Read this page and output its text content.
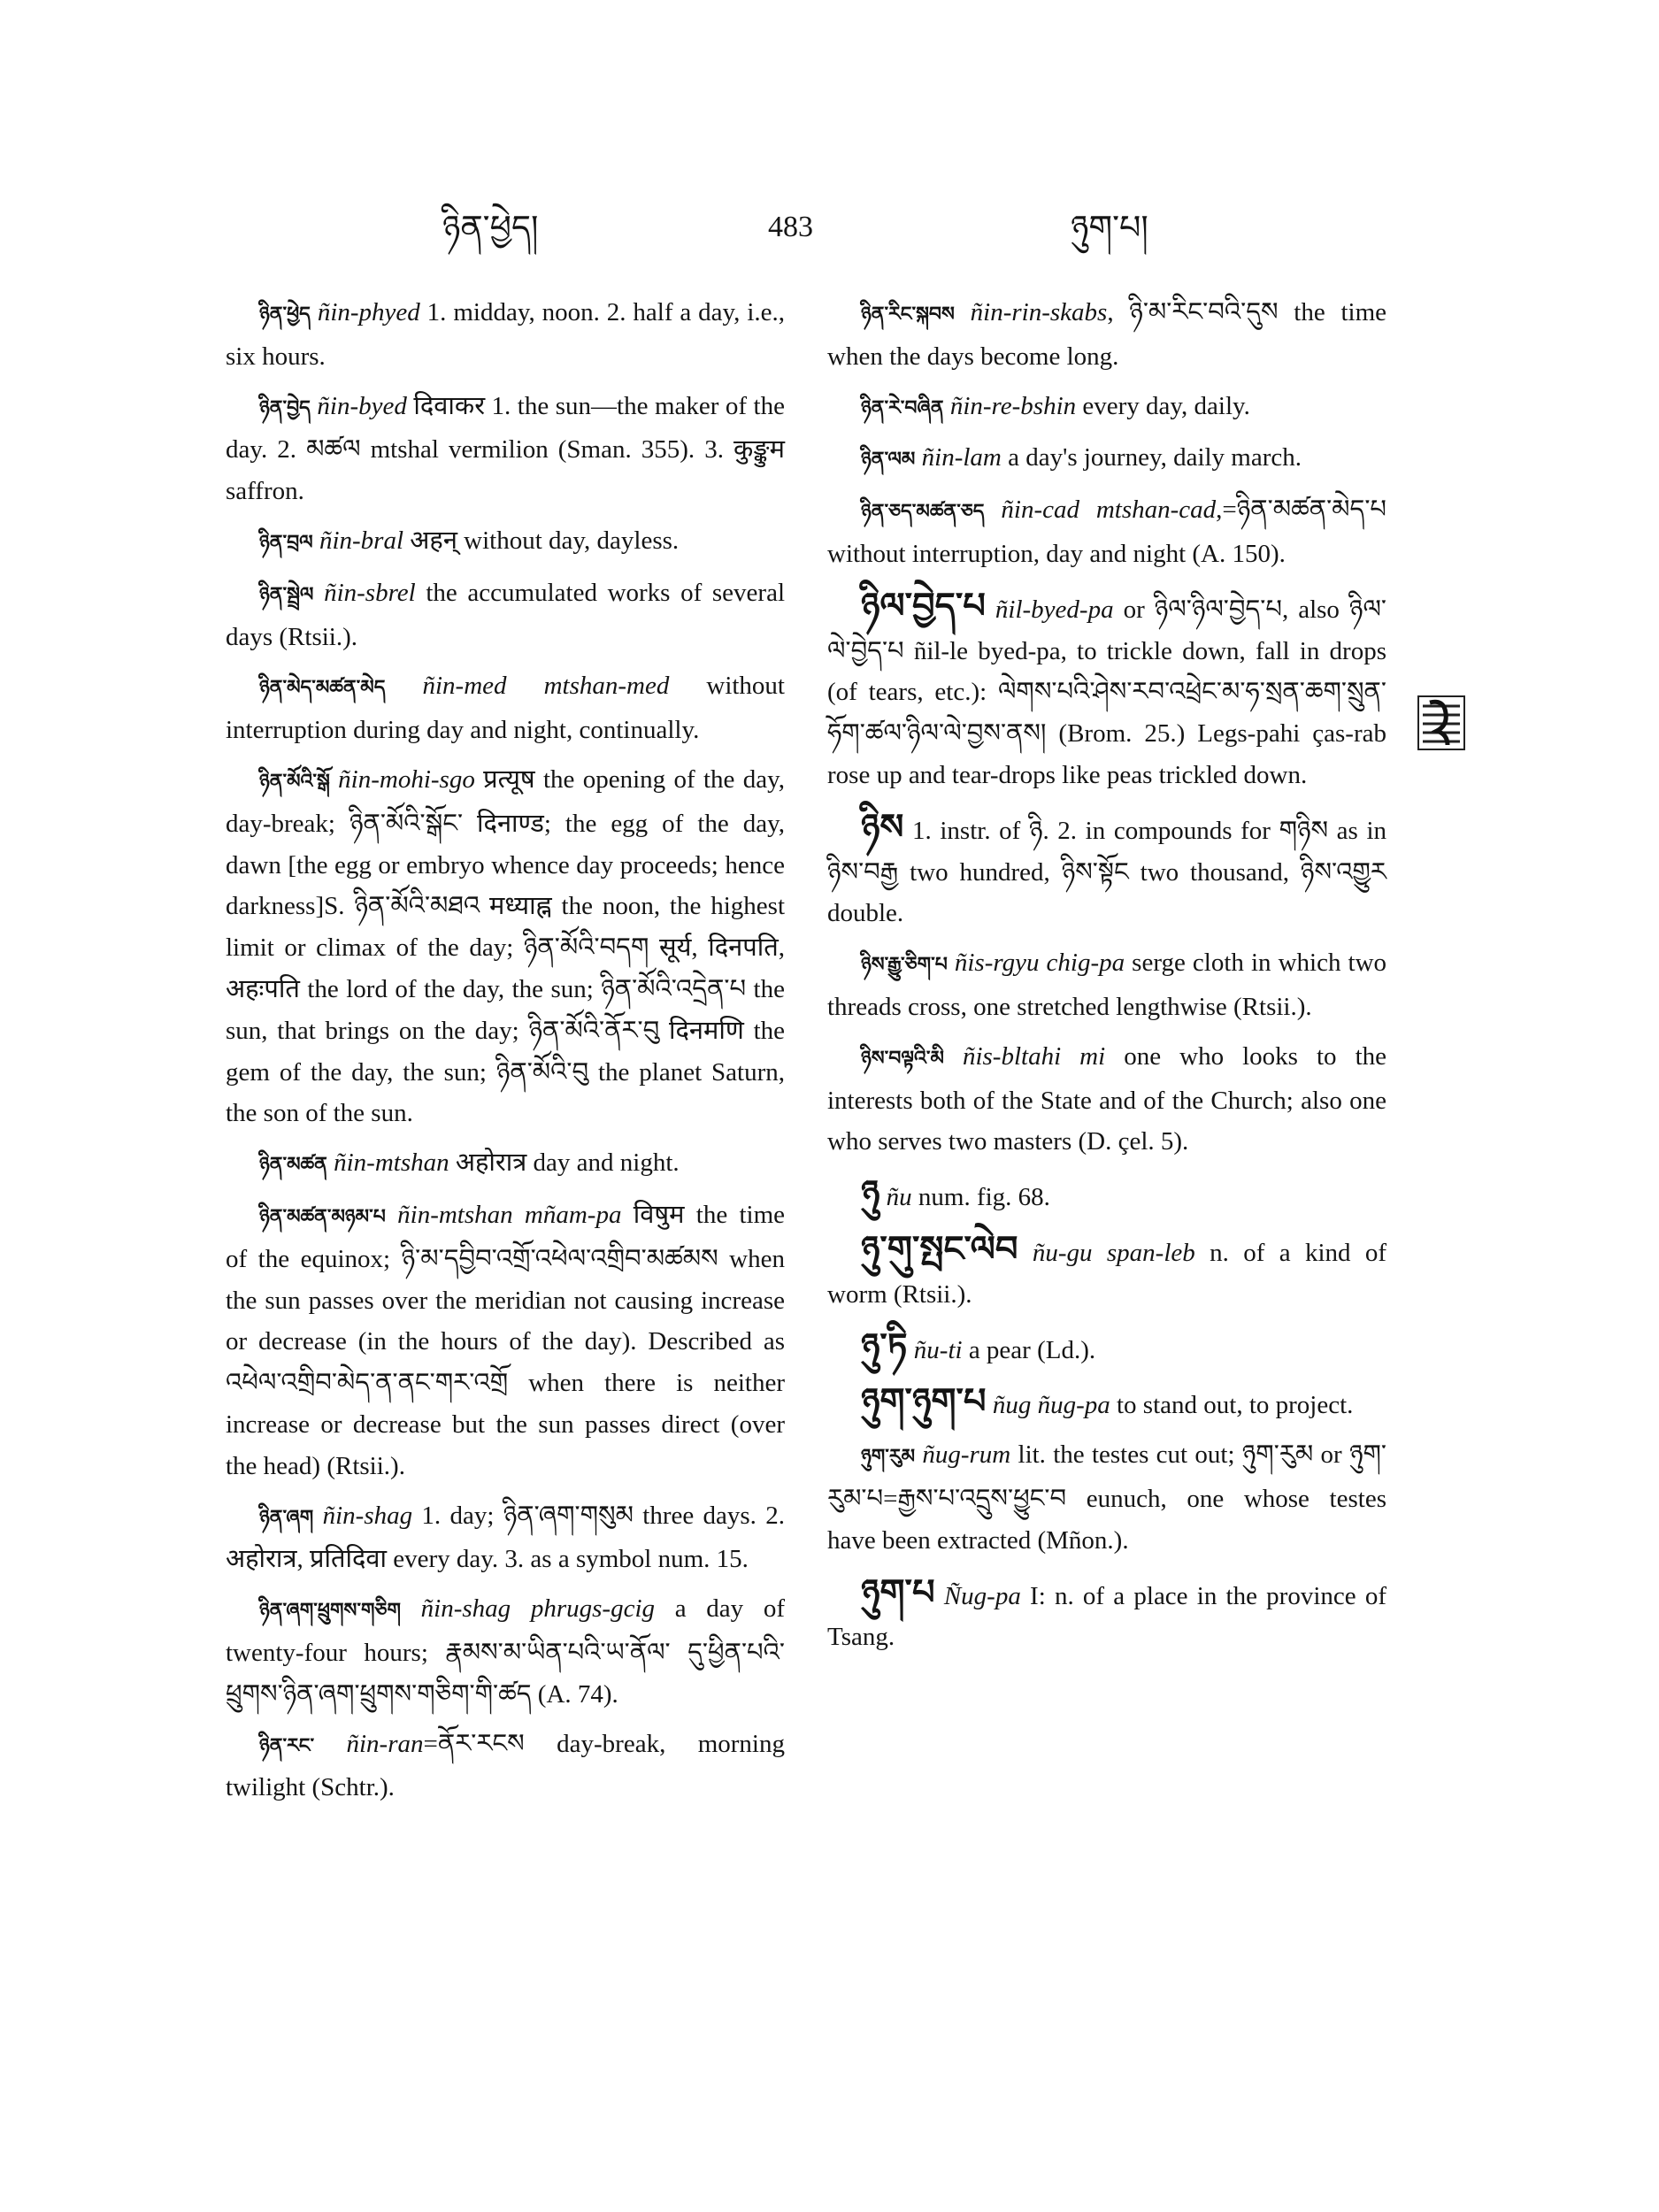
ཉིན་ཕྱེད།	483	ཉུག་པ།

ཉིན་ཕྱེད ñin-phyed 1. midday, noon. 2. half a day, i.e., six hours.

ཉིན་བྱེད ñin-byed दिवाकर 1. the sun—the maker of the day. 2. མཚལ mtshal vermilion (Sman. 355). 3. कुङ्कुम saffron.

ཉིན་བྲལ ñin-bral अहन् without day, dayless.

ཉིན་སྦྲེལ ñin-sbrel the accumulated works of several days (Rtsii.).

ཉིན་མེད་མཚན་མེད ñin-med mtshan-med without interruption during day and night, continually.

ཉིན་མོའི་སྒོ ñin-mohi-sgo प्रत्यूष the opening of the day, day-break; ཉིན་མོའི་སྒོང་ दिनाण्ड; the egg of the day, dawn [the egg or embryo whence day proceeds; hence darkness]S. ཉིན་མོའི་མཐའ मध्याह्न the noon, the highest limit or climax of the day; ཉིན་མོའི་བདག सूर्य, दिनपति, अहःपति the lord of the day, the sun; ཉིན་མོའི་འདྲེན་པ the sun, that brings on the day; ཉིན་མོའི་ནོར་བུ दिनमणि the gem of the day, the sun; ཉིན་མོའི་བུ the planet Saturn, the son of the sun.

ཉིན་མཚན ñin-mtshan अहोरात्र day and night.

ཉིན་མཚན་མཉམ་པ ñin-mtshan mñam-pa विषुम the time of the equinox; ཉི་མ་དབྱིབ་འགྲོ་འཕེལ་འགྲིབ་མཚམས when the sun passes over the meridian not causing increase or decrease (in the hours of the day). Described as འཕེལ་འགྲིབ་མེད་ན་ནང་གར་འགྲོ when there is neither increase or decrease but the sun passes direct (over the head) (Rtsii.).

ཉིན་ཞག ñin-shag 1. day; ཉིན་ཞག་གསུམ three days. 2. अहोरात्र, प्रतिदिवा every day. 3. as a symbol num. 15.

ཉིན་ཞག་ཕྲུགས་གཅིག ñin-shag phrugs-gcig a day of twenty-four hours; རྣམས་མ་ཡིན་པའི་ཡ་ནོལ་ དུ་ཕྱིན་པའི་ཕྲུགས་ཉིན་ཞག་ཕྲུགས་གཅིག་གི་ཚད (A. 74).

ཉིན་རང་ ñin-ran=ནོར་རངས day-break, morning twilight (Schtr.).

ཉིན་རིང་སྐབས ñin-rin-skabs, ཉི་མ་རིང་བའི་དུས the time when the days become long.

ཉིན་རེ་བཞིན ñin-re-bshin every day, daily.

ཉིན་ལམ ñin-lam a day's journey, daily march.

ཉིན་ཅད་མཚན་ཅད ñin-cad mtshan-cad,=ཉིན་མཚན་མེད་པ without interruption, day and night (A. 150).

ཉིལ་བྱེད་པ ñil-byed-pa or ཉིལ་ཉིལ་བྱེད་པ, also ཉིལ་ལེ་བྱེད་པ ñil-le byed-pa, to trickle down, fall in drops (of tears, etc.): ལེགས་པའི་ཤེས་རབ་འཕྲེང་མ་ཧ་སྲན་ཆག་སྲུན་ཧོག་ཚལ་ཉིལ་ལེ་བྱས་ནས། (Brom. 25.) Legs-pahi ças-rab rose up and tear-drops like peas trickled down.

ཉིས 1. instr. of ཉི. 2. in compounds for གཉིས as in ཉིས་བརྒྱ two hundred, ཉིས་སྟོང two thousand, ཉིས་འགྱུར double.

ཉིས་རྒྱུ་ཅིག་པ ñis-rgyu chig-pa serge cloth in which two threads cross, one stretched lengthwise (Rtsii.).

ཉིས་བལྟའི་མི ñis-bltahi mi one who looks to the interests both of the State and of the Church; also one who serves two masters (D. çel. 5).

ཉུ ñu num. fig. 68.

ཉུ་གུ་སྤང་ལེབ ñu-gu span-leb n. of a kind of worm (Rtsii.).

ཉུ་ཏི ñu-ti a pear (Ld.).

ཉུག་ཉུག་པ ñug ñug-pa to stand out, to project.

ཉུག་རུམ ñug-rum lit. the testes cut out; ཉུག་རུམ or ཉུག་རུམ་པ=རྒྱས་པ་འདྲུས་ཕྱུང་བ eunuch, one whose testes have been extracted (Mñon.).

ཉུག་པ Ñug-pa I: n. of a place in the province of Tsang.
